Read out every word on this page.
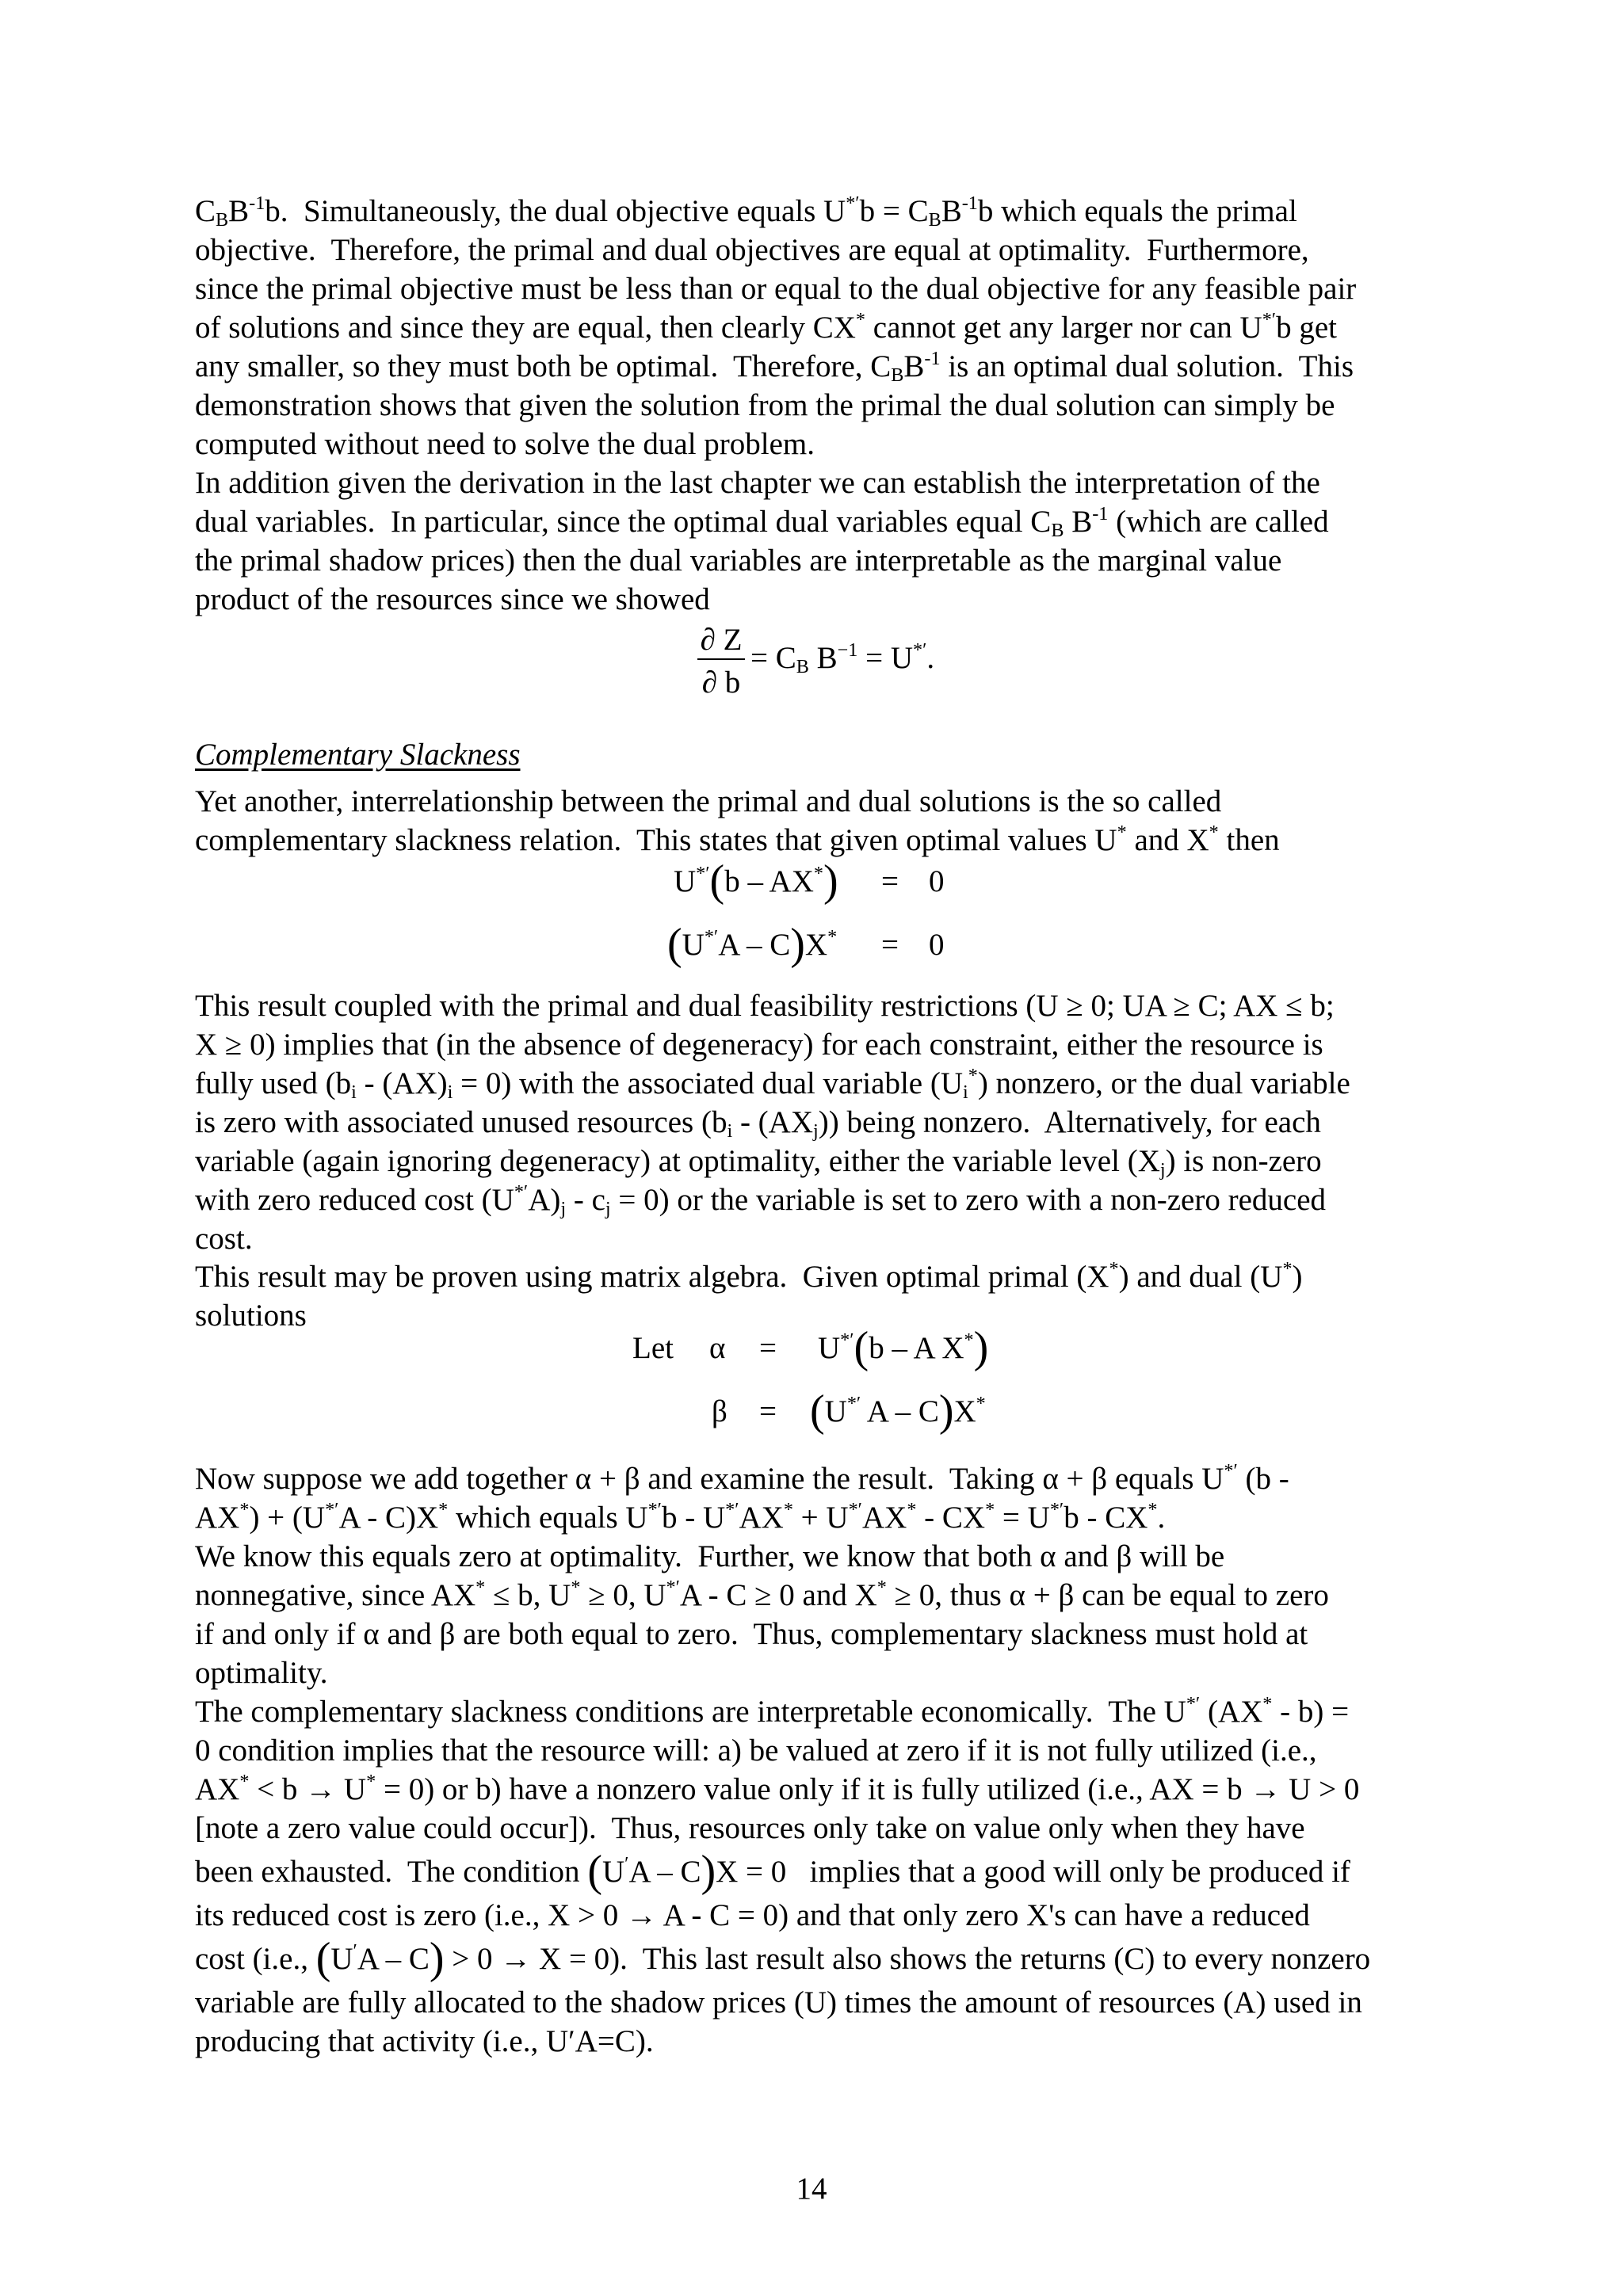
$C_BB^{-1}b$.  Simultaneously, the dual objective equals $U^{*'}b = C_BB^{-1}b$ which equals the primal
objective.  Therefore, the primal and dual objectives are equal at optimality.  Furthermore,
since the primal objective must be less than or equal to the dual objective for any feasible pair
of solutions and since they are equal, then clearly CX* cannot get any larger nor can U*′b get
any smaller, so they must both be optimal.  Therefore, $C_BB^{-1}$ is an optimal dual solution.  This
demonstration shows that given the solution from the primal the dual solution can simply be
computed without need to solve the dual problem.
In addition given the derivation in the last chapter we can establish the interpretation of the
dual variables.  In particular, since the optimal dual variables equal $C_B$ $B^{-1}$ (which are called
the primal shadow prices) then the dual variables are interpretable as the marginal value
product of the resources since we showed
∂ Z
∂ b
= $C_B$ $B^{-1} = U^{*'}$.
Complementary Slackness
Yet another, interrelationship between the primal and dual solutions is the so called
complementary slackness relation.  This states that given optimal values U* and X* then
U*′(b – AX*) = 0
(U*′A – C)X* = 0
This result coupled with the primal and dual feasibility restrictions (U ≥ 0; UA ≥ C; AX ≤ b;
X ≥ 0) implies that (in the absence of degeneracy) for each constraint, either the resource is
fully used $(b_i - (AX)_i = 0)$ with the associated dual variable $(U_i^*)$ nonzero, or the dual variable
is zero with associated unused resources $(b_i - (AX_j))$ being nonzero.  Alternatively, for each
variable (again ignoring degeneracy) at optimality, either the variable level $(X_j)$ is non-zero
with zero reduced cost $(U^{*'}A)_j - c_j = 0$) or the variable is set to zero with a non-zero reduced
cost.
This result may be proven using matrix algebra.  Given optimal primal (X*) and dual (U*)
solutions
Let α = U*′(b – A X*)
β = (U*′ A – C)X*
Now suppose we add together α + β and examine the result.  Taking α + β equals U*′ (b -
AX*) + (U*′A - C)X* which equals U*′b - U*′AX* + U*′AX* - CX* = U*′b - CX*.
We know this equals zero at optimality.  Further, we know that both α and β will be
nonnegative, since AX* ≤ b, U* ≥ 0, U*′A - C ≥ 0 and X* ≥ 0, thus α + β can be equal to zero
if and only if α and β are both equal to zero.  Thus, complementary slackness must hold at
optimality.
The complementary slackness conditions are interpretable economically.  The U*′ (AX* - b) =
0 condition implies that the resource will: a) be valued at zero if it is not fully utilized (i.e.,
AX* < b → U* = 0) or b) have a nonzero value only if it is fully utilized (i.e., AX = b → U > 0
[note a zero value could occur]).  Thus, resources only take on value only when they have
been exhausted.  The condition (U′A – C)X = 0   implies that a good will only be produced if
its reduced cost is zero (i.e., X > 0 → A - C = 0) and that only zero X's can have a reduced
cost (i.e., (U′A – C) > 0 → X = 0).  This last result also shows the returns (C) to every nonzero
variable are fully allocated to the shadow prices (U) times the amount of resources (A) used in
producing that activity (i.e., U′A=C).
14
